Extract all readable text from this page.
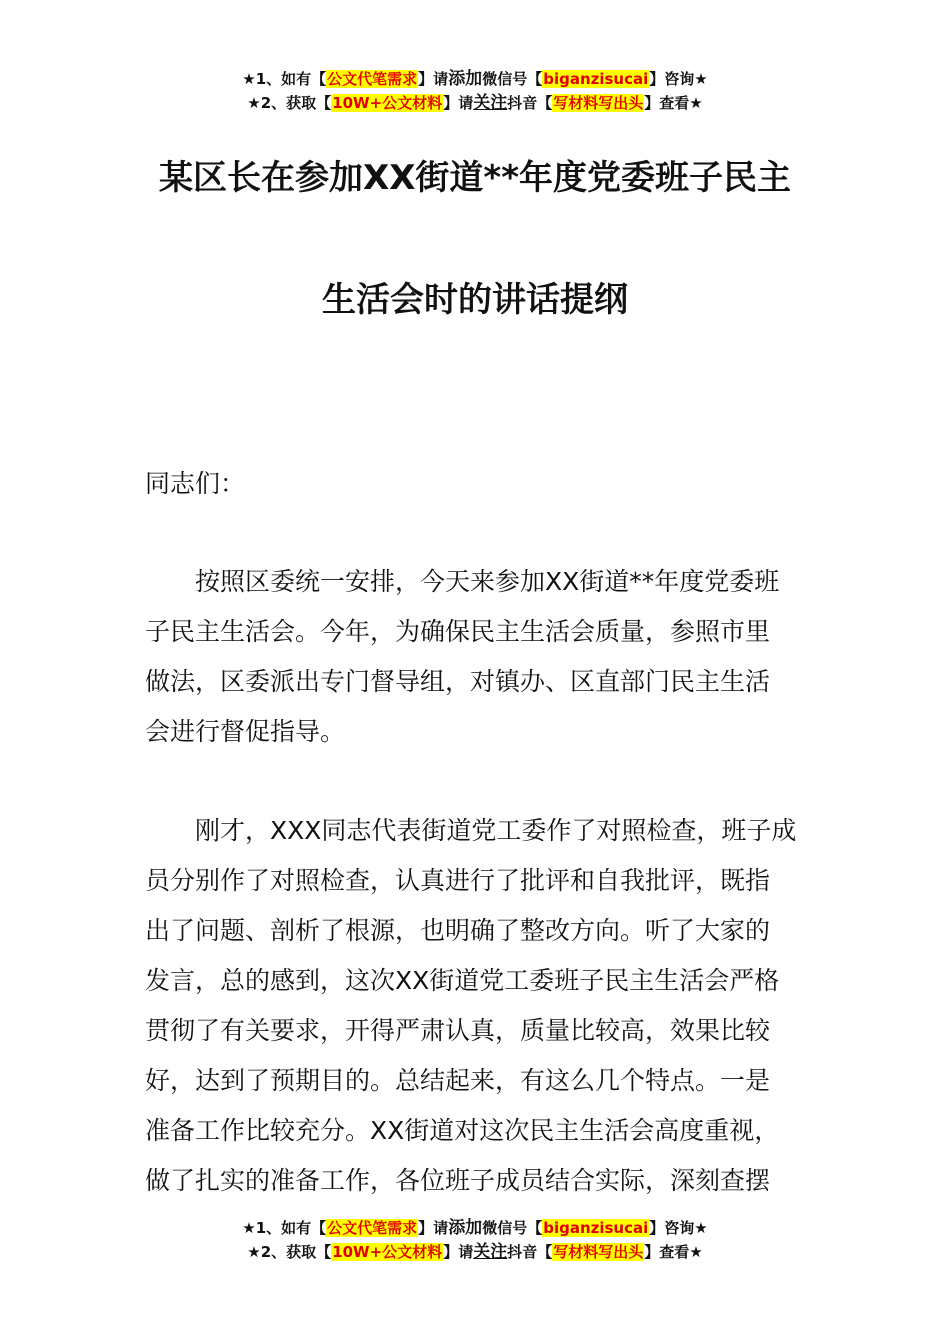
★1、如有【公文代笔需求】请添加微信号【biganzisucai】咨询★
★2、获取【10W+公文材料】请关注抖音【写材料写出头】查看★
某区长在参加XX街道**年度党委班子民主
生活会时的讲话提纲
同志们：
按照区委统一安排，今天来参加XX街道**年度党委班
子民主生活会。今年，为确保民主生活会质量，参照市里
做法，区委派出专门督导组，对镇办、区直部门民主生活
会进行督促指导。
刚才，XXX同志代表街道党工委作了对照检查，班子成
员分别作了对照检查，认真进行了批评和自我批评，既指
出了问题、剖析了根源，也明确了整改方向。听了大家的
发言，总的感到，这次XX街道党工委班子民主生活会严格
贯彻了有关要求，开得严肃认真，质量比较高，效果比较
好，达到了预期目的。总结起来，有这么几个特点。一是
准备工作比较充分。XX街道对这次民主生活会高度重视，
做了扎实的准备工作，各位班子成员结合实际，深刻查摆
★1、如有【公文代笔需求】请添加微信号【biganzisucai】咨询★
★2、获取【10W+公文材料】请关注抖音【写材料写出头】查看★
